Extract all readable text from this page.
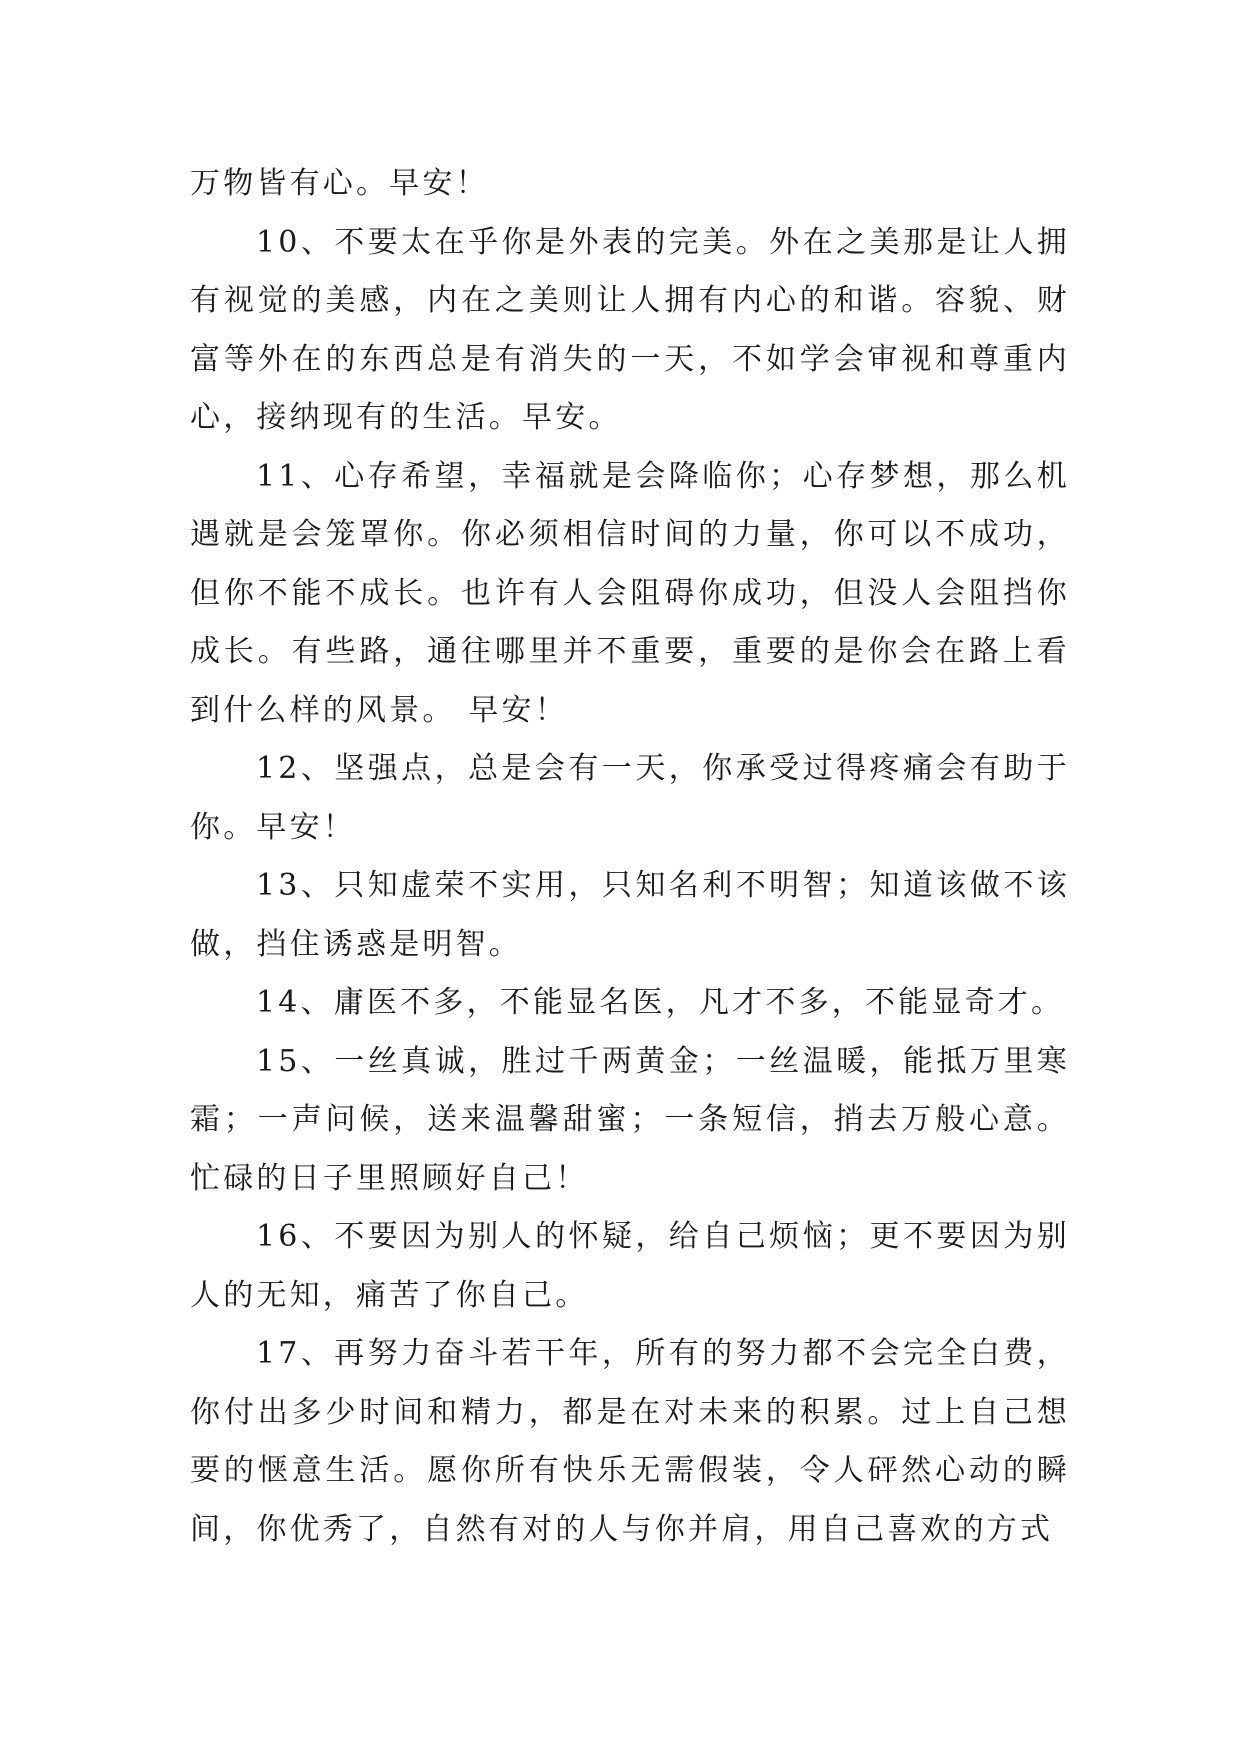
万物皆有心。早安！

10、不要太在乎你是外表的完美。外在之美那是让人拥有视觉的美感，内在之美则让人拥有内心的和谐。容貌、财富等外在的东西总是有消失的一天，不如学会审视和尊重内心，接纳现有的生活。早安。

11、心存希望，幸福就是会降临你；心存梦想，那么机遇就是会笼罩你。你必须相信时间的力量，你可以不成功，但你不能不成长。也许有人会阻碍你成功，但没人会阻挡你成长。有些路，通往哪里并不重要，重要的是你会在路上看到什么样的风景。 早安！

12、坚强点，总是会有一天，你承受过得疼痛会有助于你。早安！

13、只知虚荣不实用，只知名利不明智；知道该做不该做，挡住诱惑是明智。

14、庸医不多，不能显名医，凡才不多，不能显奇才。

15、一丝真诚，胜过千两黄金；一丝温暖，能抵万里寒霜；一声问候，送来温馨甜蜜；一条短信，捎去万般心意。忙碌的日子里照顾好自己！

16、不要因为别人的怀疑，给自己烦恼；更不要因为别人的无知，痛苦了你自己。

17、再努力奋斗若干年，所有的努力都不会完全白费，你付出多少时间和精力，都是在对未来的积累。过上自己想要的惬意生活。愿你所有快乐无需假装，令人砰然心动的瞬间，你优秀了，自然有对的人与你并肩，用自己喜欢的方式
